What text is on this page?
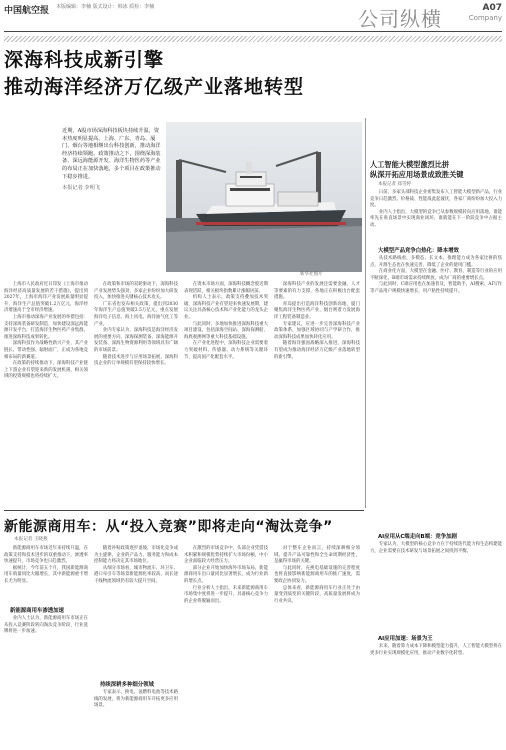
中国航空报 本版编辑：李楠 版式设计：韩冰 质检：李楠	公司纵横	A07
Company
深海科技成新引擎
推动海洋经济万亿级产业落地转型
近期，A股市场深海科技板块持续升温，资本热度明显提高。上海、广东、青岛、厦门、烟台等地相继出台科技创新，推动海洋经济持续领跑。政策推动之下，围绕深海装备、深远海能源开发、海洋生物医药等产业的布局正在加快落地，多个项目在政策推动下稳步推进。
本报记者 李明飞
新华社图片

上海市人民政府近日印发《上海市推动海洋经济高质量发展的若干措施》，提出到2027年，上海市海洋产业发展质量明显提升，海洋生产总值突破1.2万亿元，海洋经济增速高于全市经济增速。

上海市推动深海产业发展的举措包括：支持深海装备研发制造，加快建设深远海能源开发平台，打造海洋生物医药产业集群，推进深海科技成果转化。

深海科技作为战略性新兴产业，其产业链长、带动性强、辐射面广，正成为各地竞相布局的新赛道。

在政策的持续推动下，深海科技产业链上下游企业有望迎来新的发展机遇，相关领域的投资规模也将持续扩大。

在政策和市场的双轮驱动下，深海科技产业发展势头强劲，多家企业纷纷加大研发投入，加快推进关键核心技术攻关。

广东省也发布相关政策，提出到2030年海洋生产总值突破3.5万亿元，重点发展海洋电子信息、海上风电、海洋油气化工等产业。

业内专家认为，深海科技是海洋经济发展的重要方向，深海探测装备、深海能源开发装备、深海生物资源利用等领域具有广阔的市场前景。

随着技术进步与应用场景拓展，深海科技企业的订单规模有望保持较快增长。

在资本市场方面，深海科技概念股近期表现活跃，相关板块指数累计涨幅居前。

机构人士表示，政策支持叠加技术突破，深海科技产业有望迎来快速发展期，建议关注具备核心技术和产业化能力的龙头企业。

与此同时，多地加快推进深海科技重大项目建设，包括深海空间站、深海探测船、海底观测网等重大科技基础设施。

在产业化进程中，深海科技企业需要着力突破材料、传感器、动力系统等关键环节，提高国产化配套水平。

深海科技产业的发展还需要金融、人才等要素的有力支撑，各地正在积极出台配套措施。

青岛提出打造海洋科技创新高地，厦门聚焦海洋生物医药产业，烟台则着力发展海洋工程装备制造业。

专家建议，应进一步完善深海科技产业政策体系，加强区域协同与产学研合作，推动深海科技成果加快转化应用。

随着海洋强国战略深入推进，深海科技有望成为推动海洋经济万亿级产业落地转型的新引擎。

人工智能大模型激烈比拼
纵深开拓应用场景成致胜关键
本报记者 郑雪婷

日前，多家头部科技企业密集发布人工智能大模型新产品，行业竞争日趋激烈。价格战、性能战此起彼伏，各家厂商纷纷加大投入力度。

业内人士指出，大模型的竞争已从参数规模转向应用落地，谁能率先在垂直场景中实现商业闭环，谁就能在下一阶段竞争中占据主动。

大模型产品竞争白热化：降本增效

从技术路线看，多模态、长文本、推理能力成为各家比拼的焦点，开源生态也在快速完善，降低了企业的使用门槛。

在商业化方面，大模型在金融、医疗、教育、制造等行业的应用不断深化，B端市场需求持续释放，成为厂商的重要增长点。

与此同时，C端应用也在加速普及，智能助手、AI搜索、AI写作等产品用户规模快速增长，用户粘性持续提升。

AI应用从C端走向B端：竞争加剧

专家认为，大模型的核心竞争力在于持续迭代能力和生态构建能力，企业需要在技术研发与场景拓展之间找到平衡。

AI应用加速：场景为王

未来，随着算力成本下降和模型能力提升，人工智能大模型将在更多行业实现规模化应用，推动产业数字化转型。

新能源商用车：从“投入竞赛”即将走向“淘汰竞争”
本报记者 王晓燕

新能源商用车市场近年来持续升温，在政策支持和技术进步的双重推动下，渗透率快速提升，市场竞争也日趋激烈。

据统计，今年前五个月，我国新能源商用车销量同比大幅增长，其中新能源重卡增长尤为明显。

新能源商用车渗透加速

业内人士认为，新能源商用车市场正在从投入竞赛阶段转向淘汰竞争阶段，行业洗牌将进一步加速。

随着补贴政策逐步退坡，市场化竞争成为主旋律，企业的产品力、服务能力和成本控制能力将决定其市场地位。

从细分市场看，城市物流车、环卫车、港口牵引车等场景新能源化率较高，而长途干线物流领域仍有较大提升空间。

持续深耕多种细分领域

专家表示，换电、氢燃料电池等技术路线的发展，将为新能源商用车开拓更多应用场景。

在激烈的市场竞争中，头部企业凭借技术积累和规模优势持续扩大市场份额，中小企业面临较大经营压力。

部分企业开始加快海外市场布局，新能源商用车出口量同比显著增长，成为行业新的增长点。

行业分析人士指出，未来新能源商用车市场集中度将进一步提升，具备核心竞争力的企业将脱颖而出。

对于整车企业而言，持续深耕细分领域、提升产品可靠性和全生命周期经济性，是赢得市场的关键。

与此同时，充换电基础设施的完善程度也将直接影响新能源商用车的推广速度，需要政企协同发力。

总体来看，新能源商用车行业正处于由量变到质变的关键阶段，高质量发展将成为行业共识。
